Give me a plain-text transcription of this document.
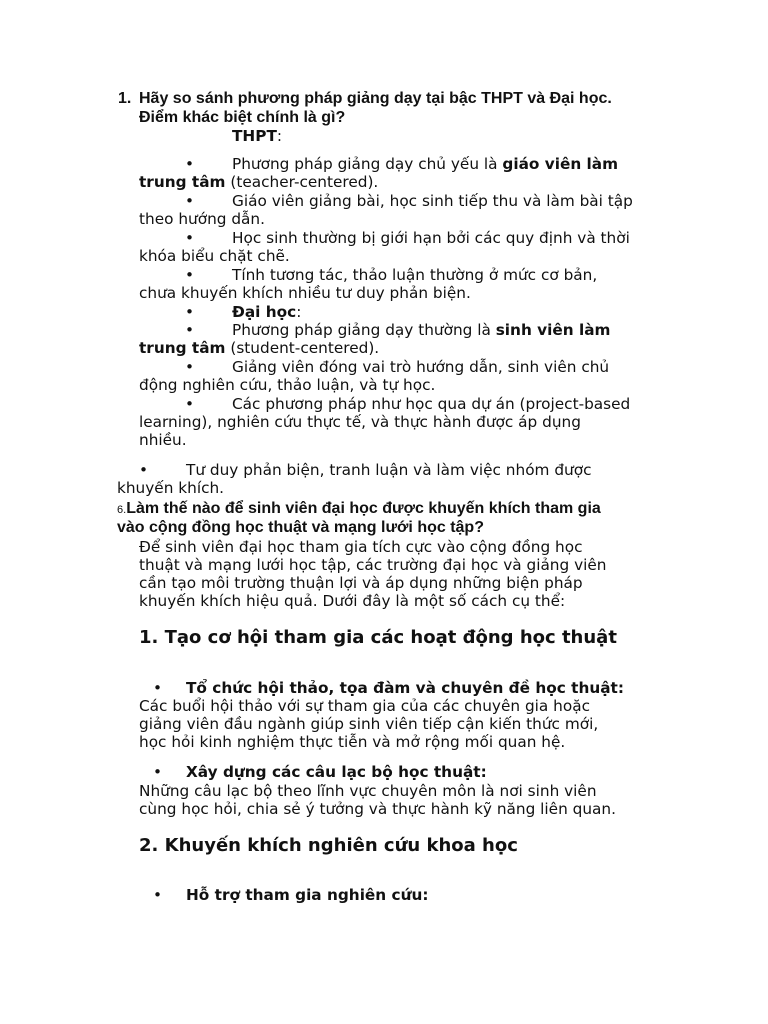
1. Hãy so sánh phương pháp giảng dạy tại bậc THPT và Đại học.
Điểm khác biệt chính là gì?
THPT:
• Phương pháp giảng dạy chủ yếu là giáo viên làm
trung tâm (teacher-centered).
• Giáo viên giảng bài, học sinh tiếp thu và làm bài tập
theo hướng dẫn.
• Học sinh thường bị giới hạn bởi các quy định và thời
khóa biểu chặt chẽ.
• Tính tương tác, thảo luận thường ở mức cơ bản,
chưa khuyến khích nhiều tư duy phản biện.
• Đại học:
• Phương pháp giảng dạy thường là sinh viên làm
trung tâm (student-centered).
• Giảng viên đóng vai trò hướng dẫn, sinh viên chủ
động nghiên cứu, thảo luận, và tự học.
• Các phương pháp như học qua dự án (project-based
learning), nghiên cứu thực tế, và thực hành được áp dụng
nhiều.
• Tư duy phản biện, tranh luận và làm việc nhóm được
khuyến khích.
6.Làm thế nào để sinh viên đại học được khuyến khích tham gia
vào cộng đồng học thuật và mạng lưới học tập?
Để sinh viên đại học tham gia tích cực vào cộng đồng học
thuật và mạng lưới học tập, các trường đại học và giảng viên
cần tạo môi trường thuận lợi và áp dụng những biện pháp
khuyến khích hiệu quả. Dưới đây là một số cách cụ thể:
1. Tạo cơ hội tham gia các hoạt động học thuật
• Tổ chức hội thảo, tọa đàm và chuyên đề học thuật:
Các buổi hội thảo với sự tham gia của các chuyên gia hoặc
giảng viên đầu ngành giúp sinh viên tiếp cận kiến thức mới,
học hỏi kinh nghiệm thực tiễn và mở rộng mối quan hệ.
• Xây dựng các câu lạc bộ học thuật:
Những câu lạc bộ theo lĩnh vực chuyên môn là nơi sinh viên
cùng học hỏi, chia sẻ ý tưởng và thực hành kỹ năng liên quan.
2. Khuyến khích nghiên cứu khoa học
• Hỗ trợ tham gia nghiên cứu:
